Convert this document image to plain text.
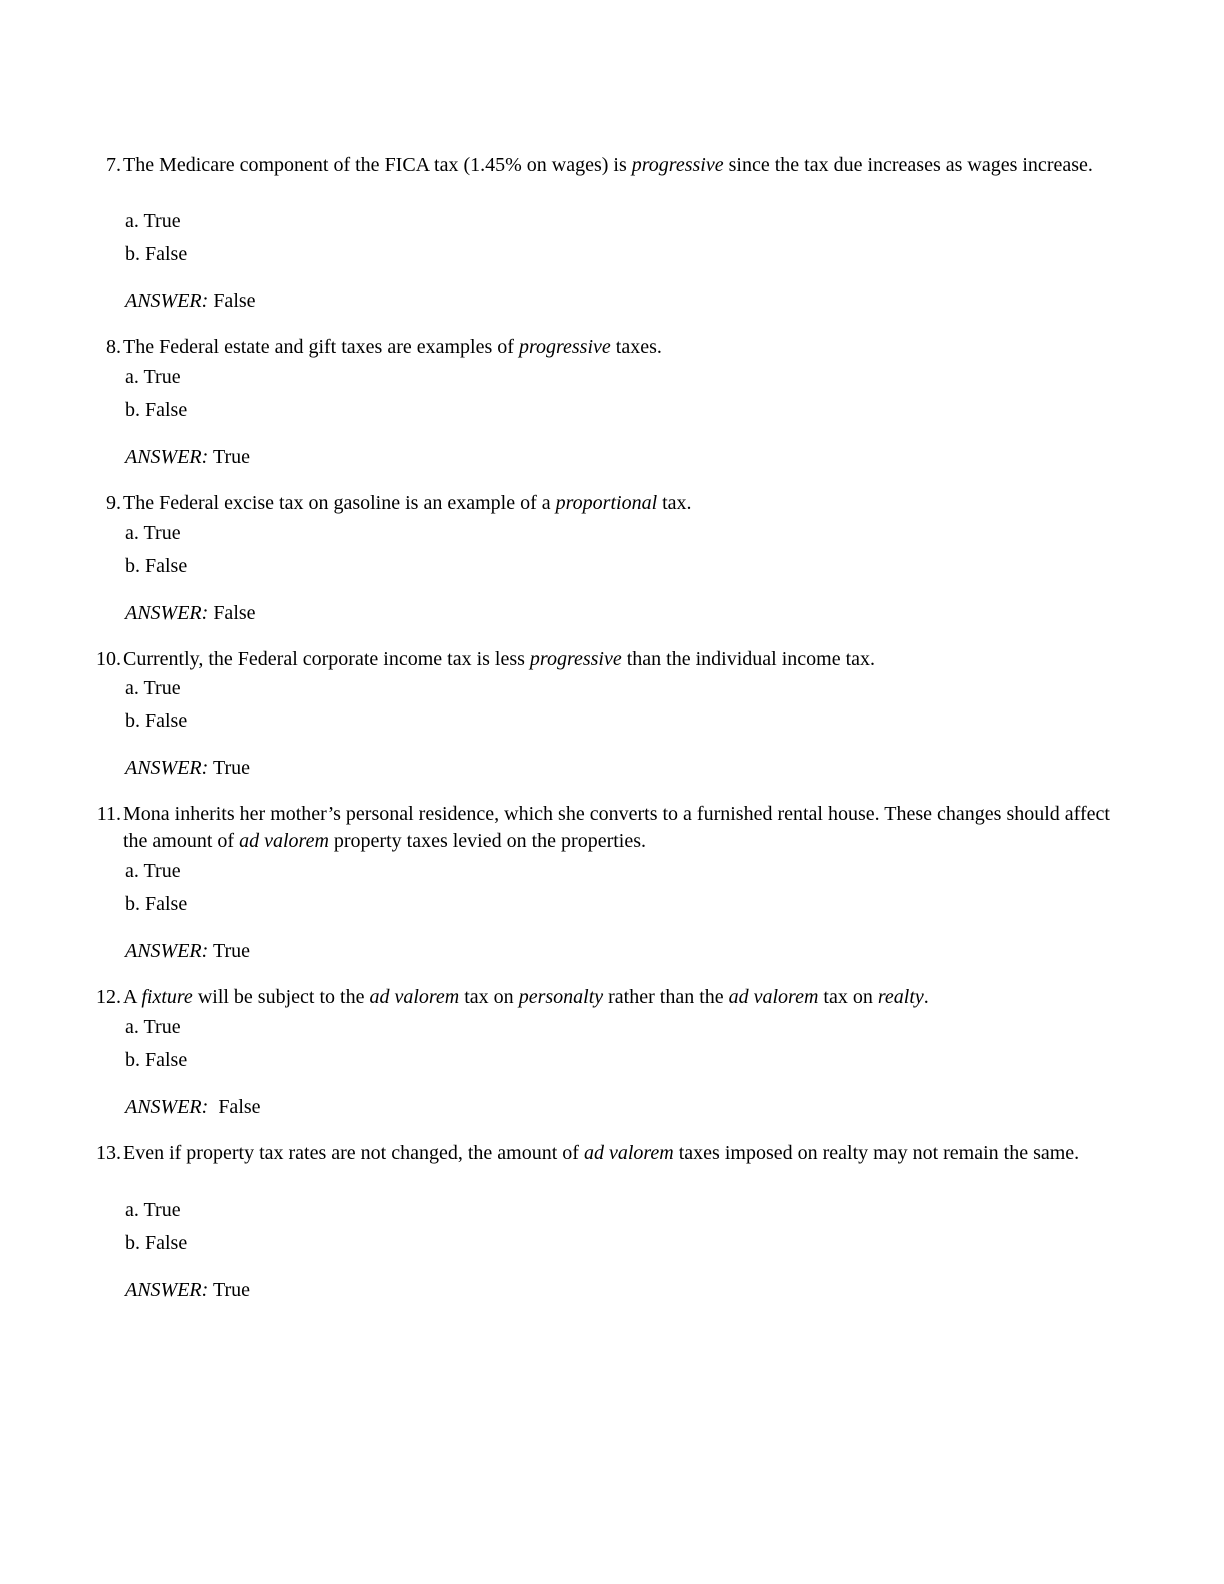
7. The Medicare component of the FICA tax (1.45% on wages) is progressive since the tax due increases as wages increase.
a. True
b. False
ANSWER: False
8. The Federal estate and gift taxes are examples of progressive taxes.
a. True
b. False
ANSWER: True
9. The Federal excise tax on gasoline is an example of a proportional tax.
a. True
b. False
ANSWER: False
10. Currently, the Federal corporate income tax is less progressive than the individual income tax.
a. True
b. False
ANSWER: True
11. Mona inherits her mother’s personal residence, which she converts to a furnished rental house. These changes should affect the amount of ad valorem property taxes levied on the properties.
a. True
b. False
ANSWER: True
12. A fixture will be subject to the ad valorem tax on personalty rather than the ad valorem tax on realty.
a. True
b. False
ANSWER: False
13. Even if property tax rates are not changed, the amount of ad valorem taxes imposed on realty may not remain the same.
a. True
b. False
ANSWER: True
